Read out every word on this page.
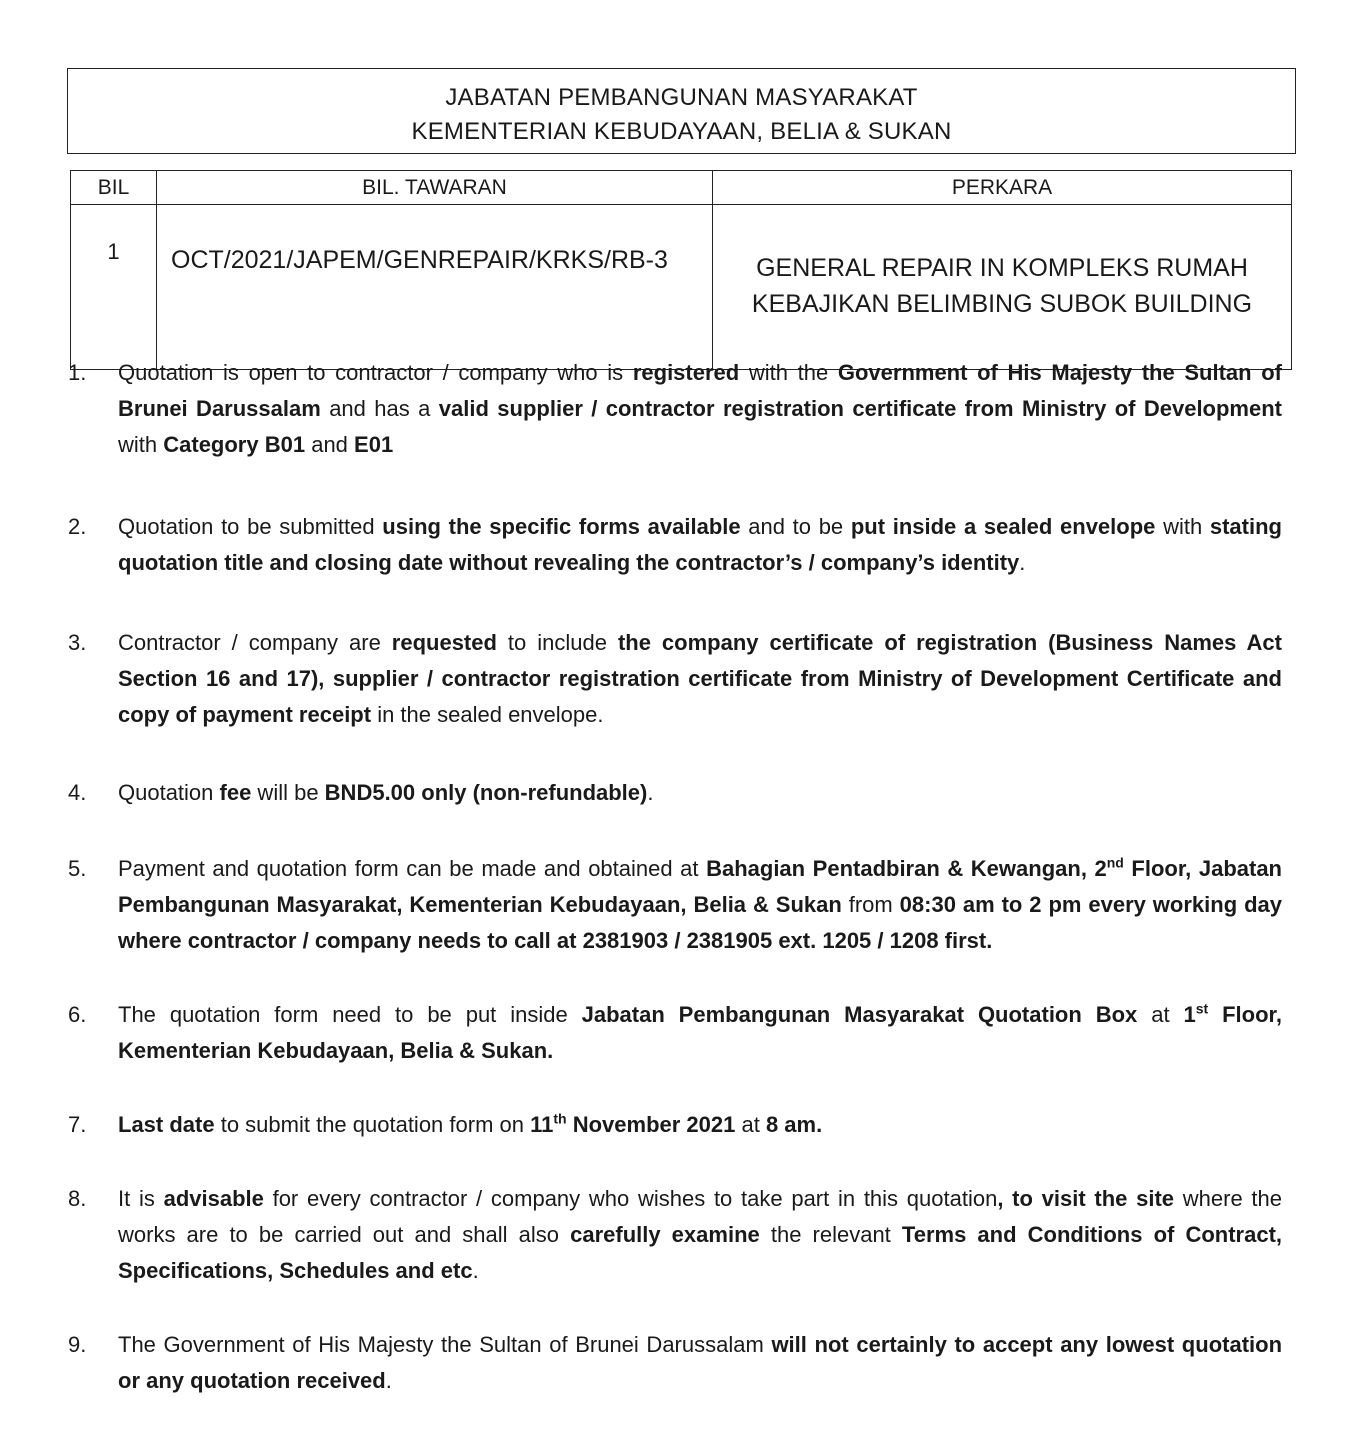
JABATAN PEMBANGUNAN MASYARAKAT
KEMENTERIAN KEBUDAYAAN, BELIA & SUKAN
BIL	BIL. TAWARAN	PERKARA
1	OCT/2021/JAPEM/GENREPAIR/KRKS/RB-3	GENERAL REPAIR IN KOMPLEKS RUMAH
KEBAJIKAN BELIMBING SUBOK BUILDING
1.	Quotation is open to contractor / company who is registered with the Government of His Majesty the Sultan of Brunei Darussalam and has a valid supplier / contractor registration certificate from Ministry of Development with Category B01 and E01
2.	Quotation to be submitted using the specific forms available and to be put inside a sealed envelope with stating quotation title and closing date without revealing the contractor’s / company’s identity.
3.	Contractor / company are requested to include the company certificate of registration (Business Names Act Section 16 and 17), supplier / contractor registration certificate from Ministry of Development Certificate and copy of payment receipt in the sealed envelope.
4.	Quotation fee will be BND5.00 only (non-refundable).
5.	Payment and quotation form can be made and obtained at Bahagian Pentadbiran & Kewangan, 2nd Floor, Jabatan Pembangunan Masyarakat, Kementerian Kebudayaan, Belia & Sukan from 08:30 am to 2 pm every working day where contractor / company needs to call at 2381903 / 2381905 ext. 1205 / 1208 first.
6.	The quotation form need to be put inside Jabatan Pembangunan Masyarakat Quotation Box at 1st Floor, Kementerian Kebudayaan, Belia & Sukan.
7.	Last date to submit the quotation form on 11th November 2021 at 8 am.
8.	It is advisable for every contractor / company who wishes to take part in this quotation, to visit the site where the works are to be carried out and shall also carefully examine the relevant Terms and Conditions of Contract, Specifications, Schedules and etc.
9.	The Government of His Majesty the Sultan of Brunei Darussalam will not certainly to accept any lowest quotation or any quotation received.
